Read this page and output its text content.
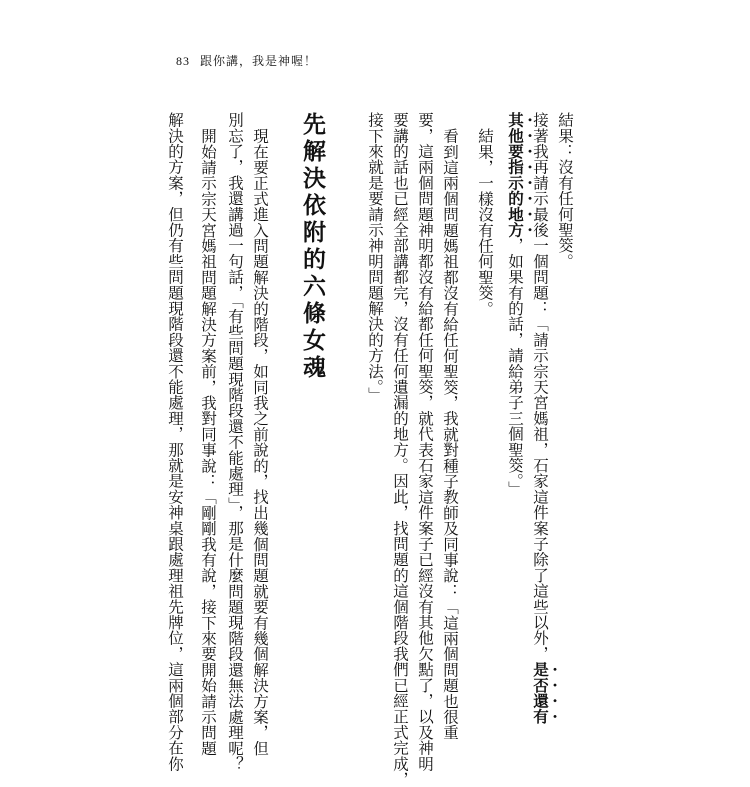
83 跟你講，我是神喔！
結果：沒有任何聖筊。
接著我再請示最後一個問題：「請示宗天宮媽祖，石家這件案子除了這些以外，是否還有
其他要指示的地方，如果有的話，請給弟子三個聖筊。」
結果，一樣沒有任何聖筊。
看到這兩個問題媽祖都沒有給任何聖筊，我就對種子教師及同事說：「這兩個問題也很重
要，這兩個問題神明都沒有給都任何聖筊，就代表石家這件案子已經沒有其他欠點了，以及神明
要講的話也已經全部講都完，沒有任何遺漏的地方。因此，找問題的這個階段我們已經正式完成，
接下來就是要請示神明問題解決的方法。」
先解決依附的六條女魂
現在要正式進入問題解決的階段，如同我之前說的，找出幾個問題就要有幾個解決方案，但
別忘了，我還講過一句話，「有些問題現階段還不能處理」，那是什麼問題現階段還無法處理呢？
開始請示宗天宮媽祖問題解決方案前，我對同事說：「剛剛我有說，接下來要開始請示問題
解決的方案，但仍有些問題現階段還不能處理，那就是安神桌跟處理祖先牌位，這兩個部分在你
